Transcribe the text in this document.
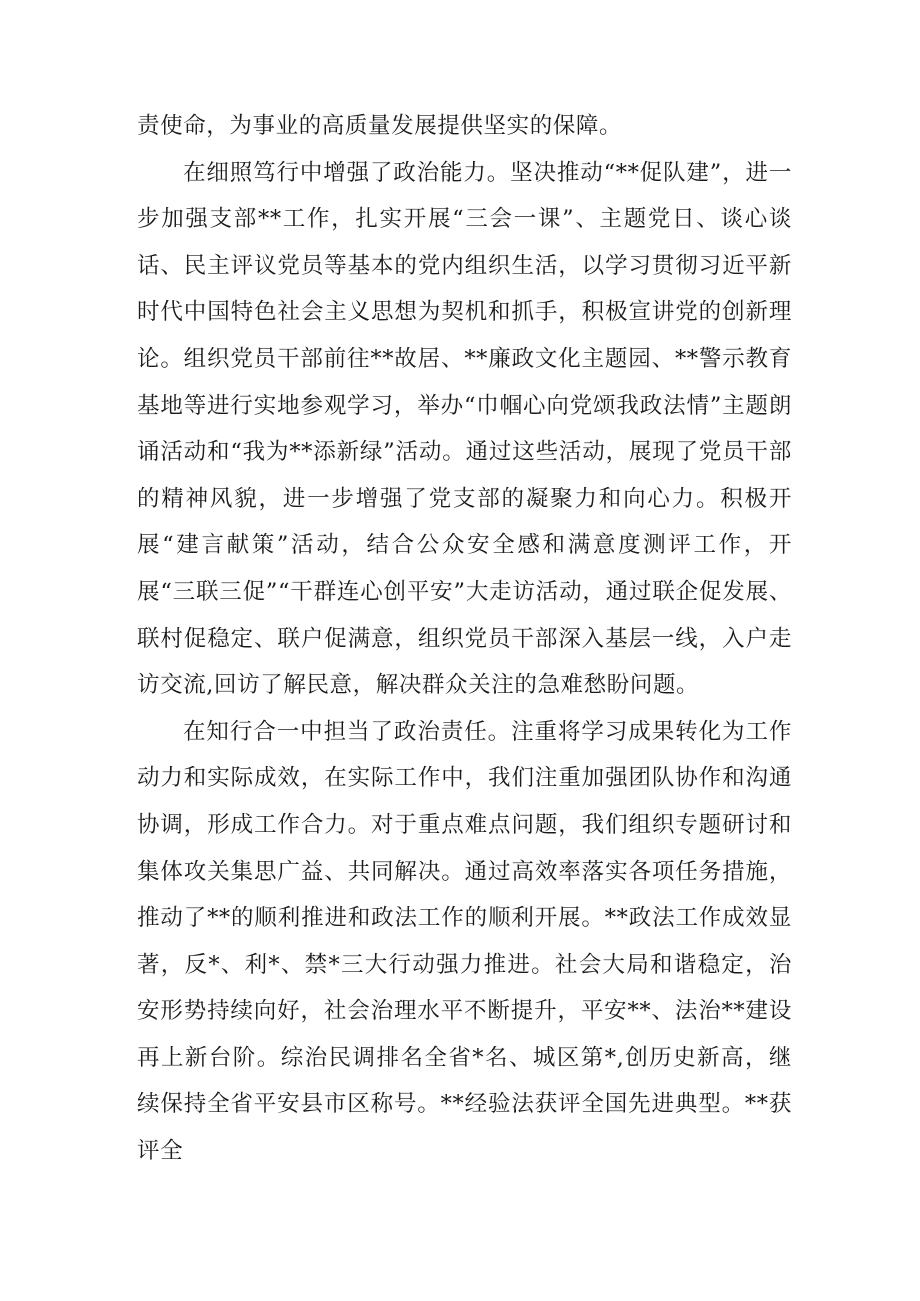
责使命，为事业的高质量发展提供坚实的保障。

在细照笃行中增强了政治能力。坚决推动“**促队建”，进一步加强支部**工作，扎实开展“三会一课”、主题党日、谈心谈话、民主评议党员等基本的党内组织生活，以学习贯彻习近平新时代中国特色社会主义思想为契机和抓手，积极宣讲党的创新理论。组织党员干部前往**故居、**廉政文化主题园、**警示教育基地等进行实地参观学习，举办“巾帼心向党颂我政法情”主题朗诵活动和“我为**添新绿”活动。通过这些活动，展现了党员干部的精神风貌，进一步增强了党支部的凝聚力和向心力。积极开展“建言献策”活动，结合公众安全感和满意度测评工作，开展“三联三促”“干群连心创平安”大走访活动，通过联企促发展、联村促稳定、联户促满意，组织党员干部深入基层一线，入户走访交流,回访了解民意，解决群众关注的急难愁盼问题。

在知行合一中担当了政治责任。注重将学习成果转化为工作动力和实际成效，在实际工作中，我们注重加强团队协作和沟通协调，形成工作合力。对于重点难点问题，我们组织专题研讨和集体攻关集思广益、共同解决。通过高效率落实各项任务措施，推动了**的顺利推进和政法工作的顺利开展。**政法工作成效显著，反*、利*、禁*三大行动强力推进。社会大局和谐稳定，治安形势持续向好，社会治理水平不断提升，平安**、法治**建设再上新台阶。综治民调排名全省*名、城区第*,创历史新高，继续保持全省平安县市区称号。**经验法获评全国先进典型。**获评全
